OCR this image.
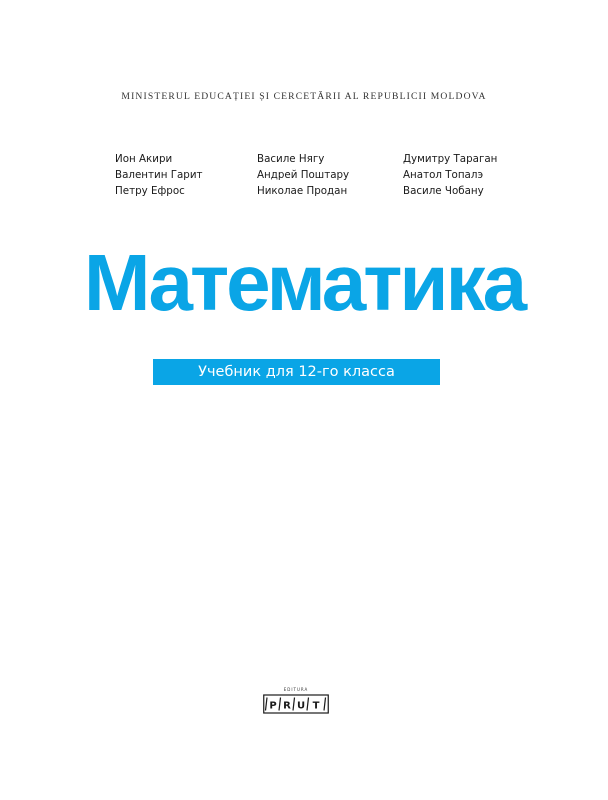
MINISTERUL EDUCAȚIEI ȘI CERCETĂRII AL REPUBLICII MOLDOVA
Ион Акири
Валентин Гарит
Петру Ефрос
Василе Нягу
Андрей Поштару
Николае Продан
Думитру Тараган
Анатол Топалэ
Василе Чобану
Математика
Учебник для 12-го класса
EDITURA
P R U T
